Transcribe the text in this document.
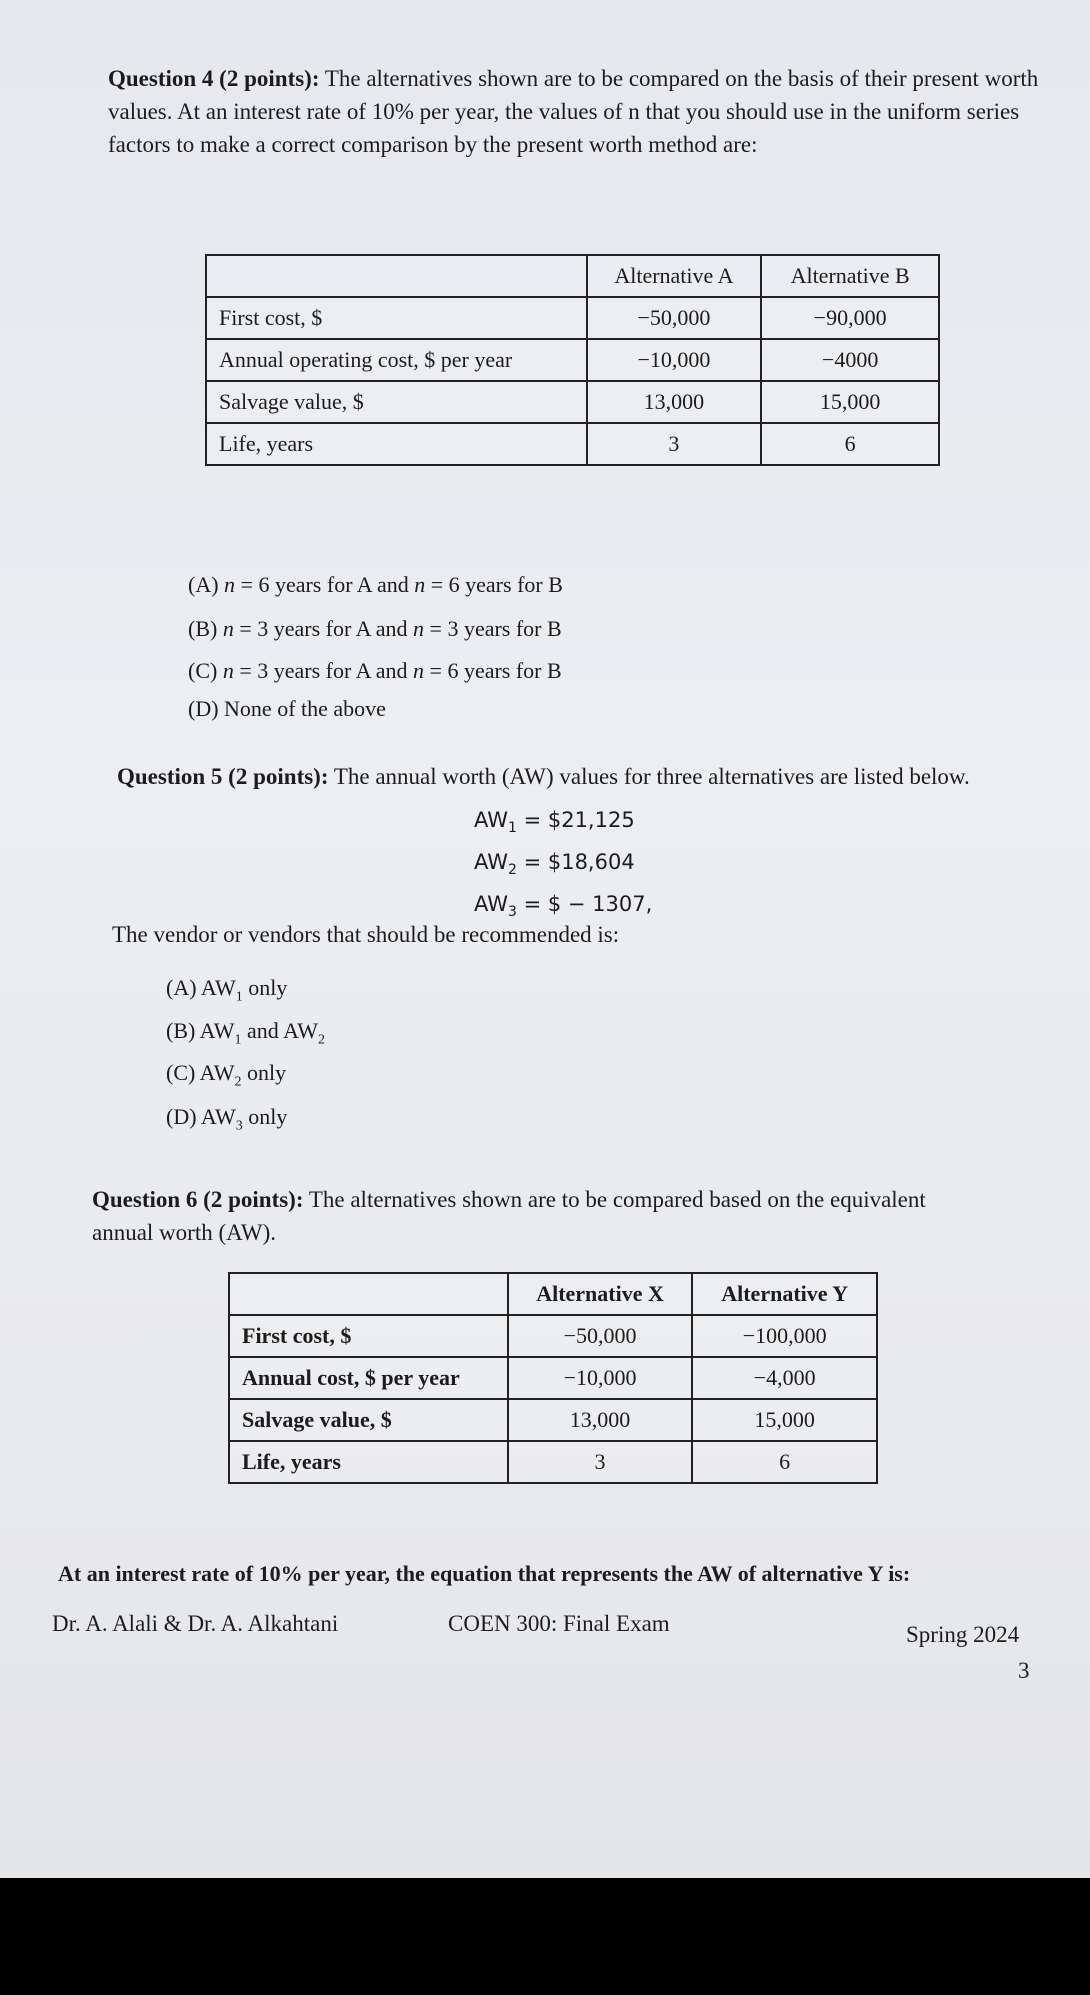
Question 4 (2 points): The alternatives shown are to be compared on the basis of their present worth values. At an interest rate of 10% per year, the values of n that you should use in the uniform series factors to make a correct comparison by the present worth method are:
	Alternative A	Alternative B
First cost, $	−50,000	−90,000
Annual operating cost, $ per year	−10,000	−4000
Salvage value, $	13,000	15,000
Life, years	3	6
(A) n = 6 years for A and n = 6 years for B
(B) n = 3 years for A and n = 3 years for B
(C) n = 3 years for A and n = 6 years for B
(D) None of the above
Question 5 (2 points): The annual worth (AW) values for three alternatives are listed below.
$AW_1$ = $21,125
$AW_2$ = $18,604
$AW_3$ = $ − 1307,
The vendor or vendors that should be recommended is:
(A) $AW_1$ only
(B) $AW_1$ and $AW_2$
(C) $AW_2$ only
(D) $AW_3$ only
Question 6 (2 points): The alternatives shown are to be compared based on the equivalent
annual worth (AW).
	Alternative X	Alternative Y
First cost, $	−50,000	−100,000
Annual cost, $ per year	−10,000	−4,000
Salvage value, $	13,000	15,000
Life, years	3	6
At an interest rate of 10% per year, the equation that represents the AW of alternative Y is:
Dr. A. Alali & Dr. A. Alkahtani	COEN 300: Final Exam	Spring 2024
3
